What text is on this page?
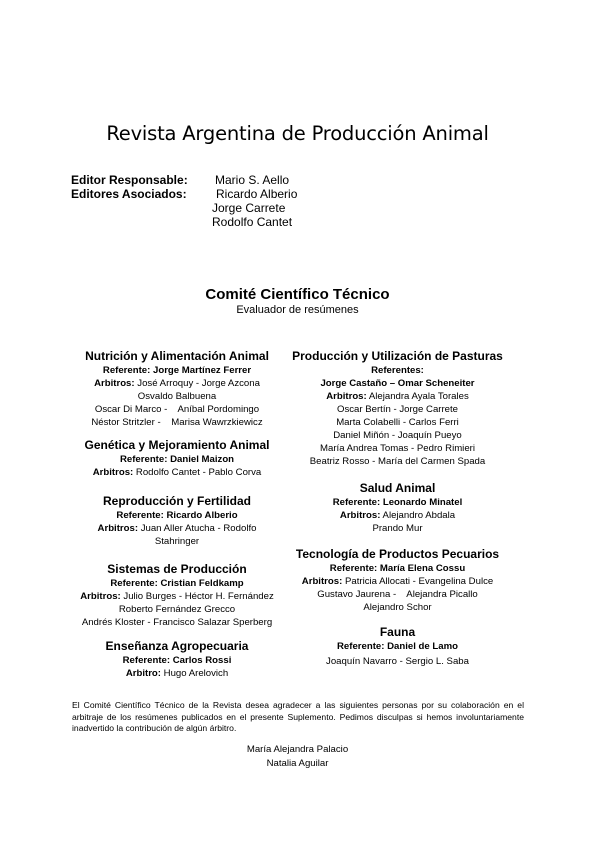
Revista Argentina de Producción Animal
Editor Responsable: Mario S. Aello
Editores Asociados: Ricardo Alberio
Jorge Carrete
Rodolfo Cantet
Comité Científico Técnico
Evaluador de resúmenes
Nutrición y Alimentación Animal
Referente: Jorge Martínez Ferrer
Arbitros: José Arroquy - Jorge Azcona
Osvaldo Balbuena
Oscar Di Marco -    Aníbal Pordomingo
Néstor Stritzler -    Marisa Wawrzkiewicz
Genética y Mejoramiento Animal
Referente: Daniel Maizon
Arbitros: Rodolfo Cantet - Pablo Corva
Reproducción y Fertilidad
Referente: Ricardo Alberio
Arbitros: Juan Aller Atucha - Rodolfo
Stahringer
Sistemas de Producción
Referente: Cristian Feldkamp
Arbitros: Julio Burges - Héctor H. Fernández
Roberto Fernández Grecco
Andrés Kloster - Francisco Salazar Sperberg
Enseñanza Agropecuaria
Referente: Carlos Rossi
Arbitro: Hugo Arelovich
Producción y Utilización de Pasturas
Referentes:
Jorge Castaño – Omar Scheneiter
Arbitros: Alejandra Ayala Torales
Oscar Bertín - Jorge Carrete
Marta Colabelli - Carlos Ferri
Daniel Miñón - Joaquín Pueyo
María Andrea Tomas - Pedro Rimieri
Beatriz Rosso - María del Carmen Spada
Salud Animal
Referente: Leonardo Minatel
Arbitros: Alejandro Abdala
Prando Mur
Tecnología de Productos Pecuarios
Referente: María Elena Cossu
Arbitros: Patricia Allocati - Evangelina Dulce
Gustavo Jaurena -    Alejandra Picallo
Alejandro Schor
Fauna
Referente: Daniel de Lamo
Joaquín Navarro - Sergio L. Saba
El Comité Científico Técnico de la Revista desea agradecer a las siguientes personas por su colaboración en el arbitraje de los resúmenes publicados en el presente Suplemento. Pedimos disculpas si hemos involuntariamente inadvertido la contribución de algún árbitro.
María Alejandra Palacio
Natalia Aguilar
